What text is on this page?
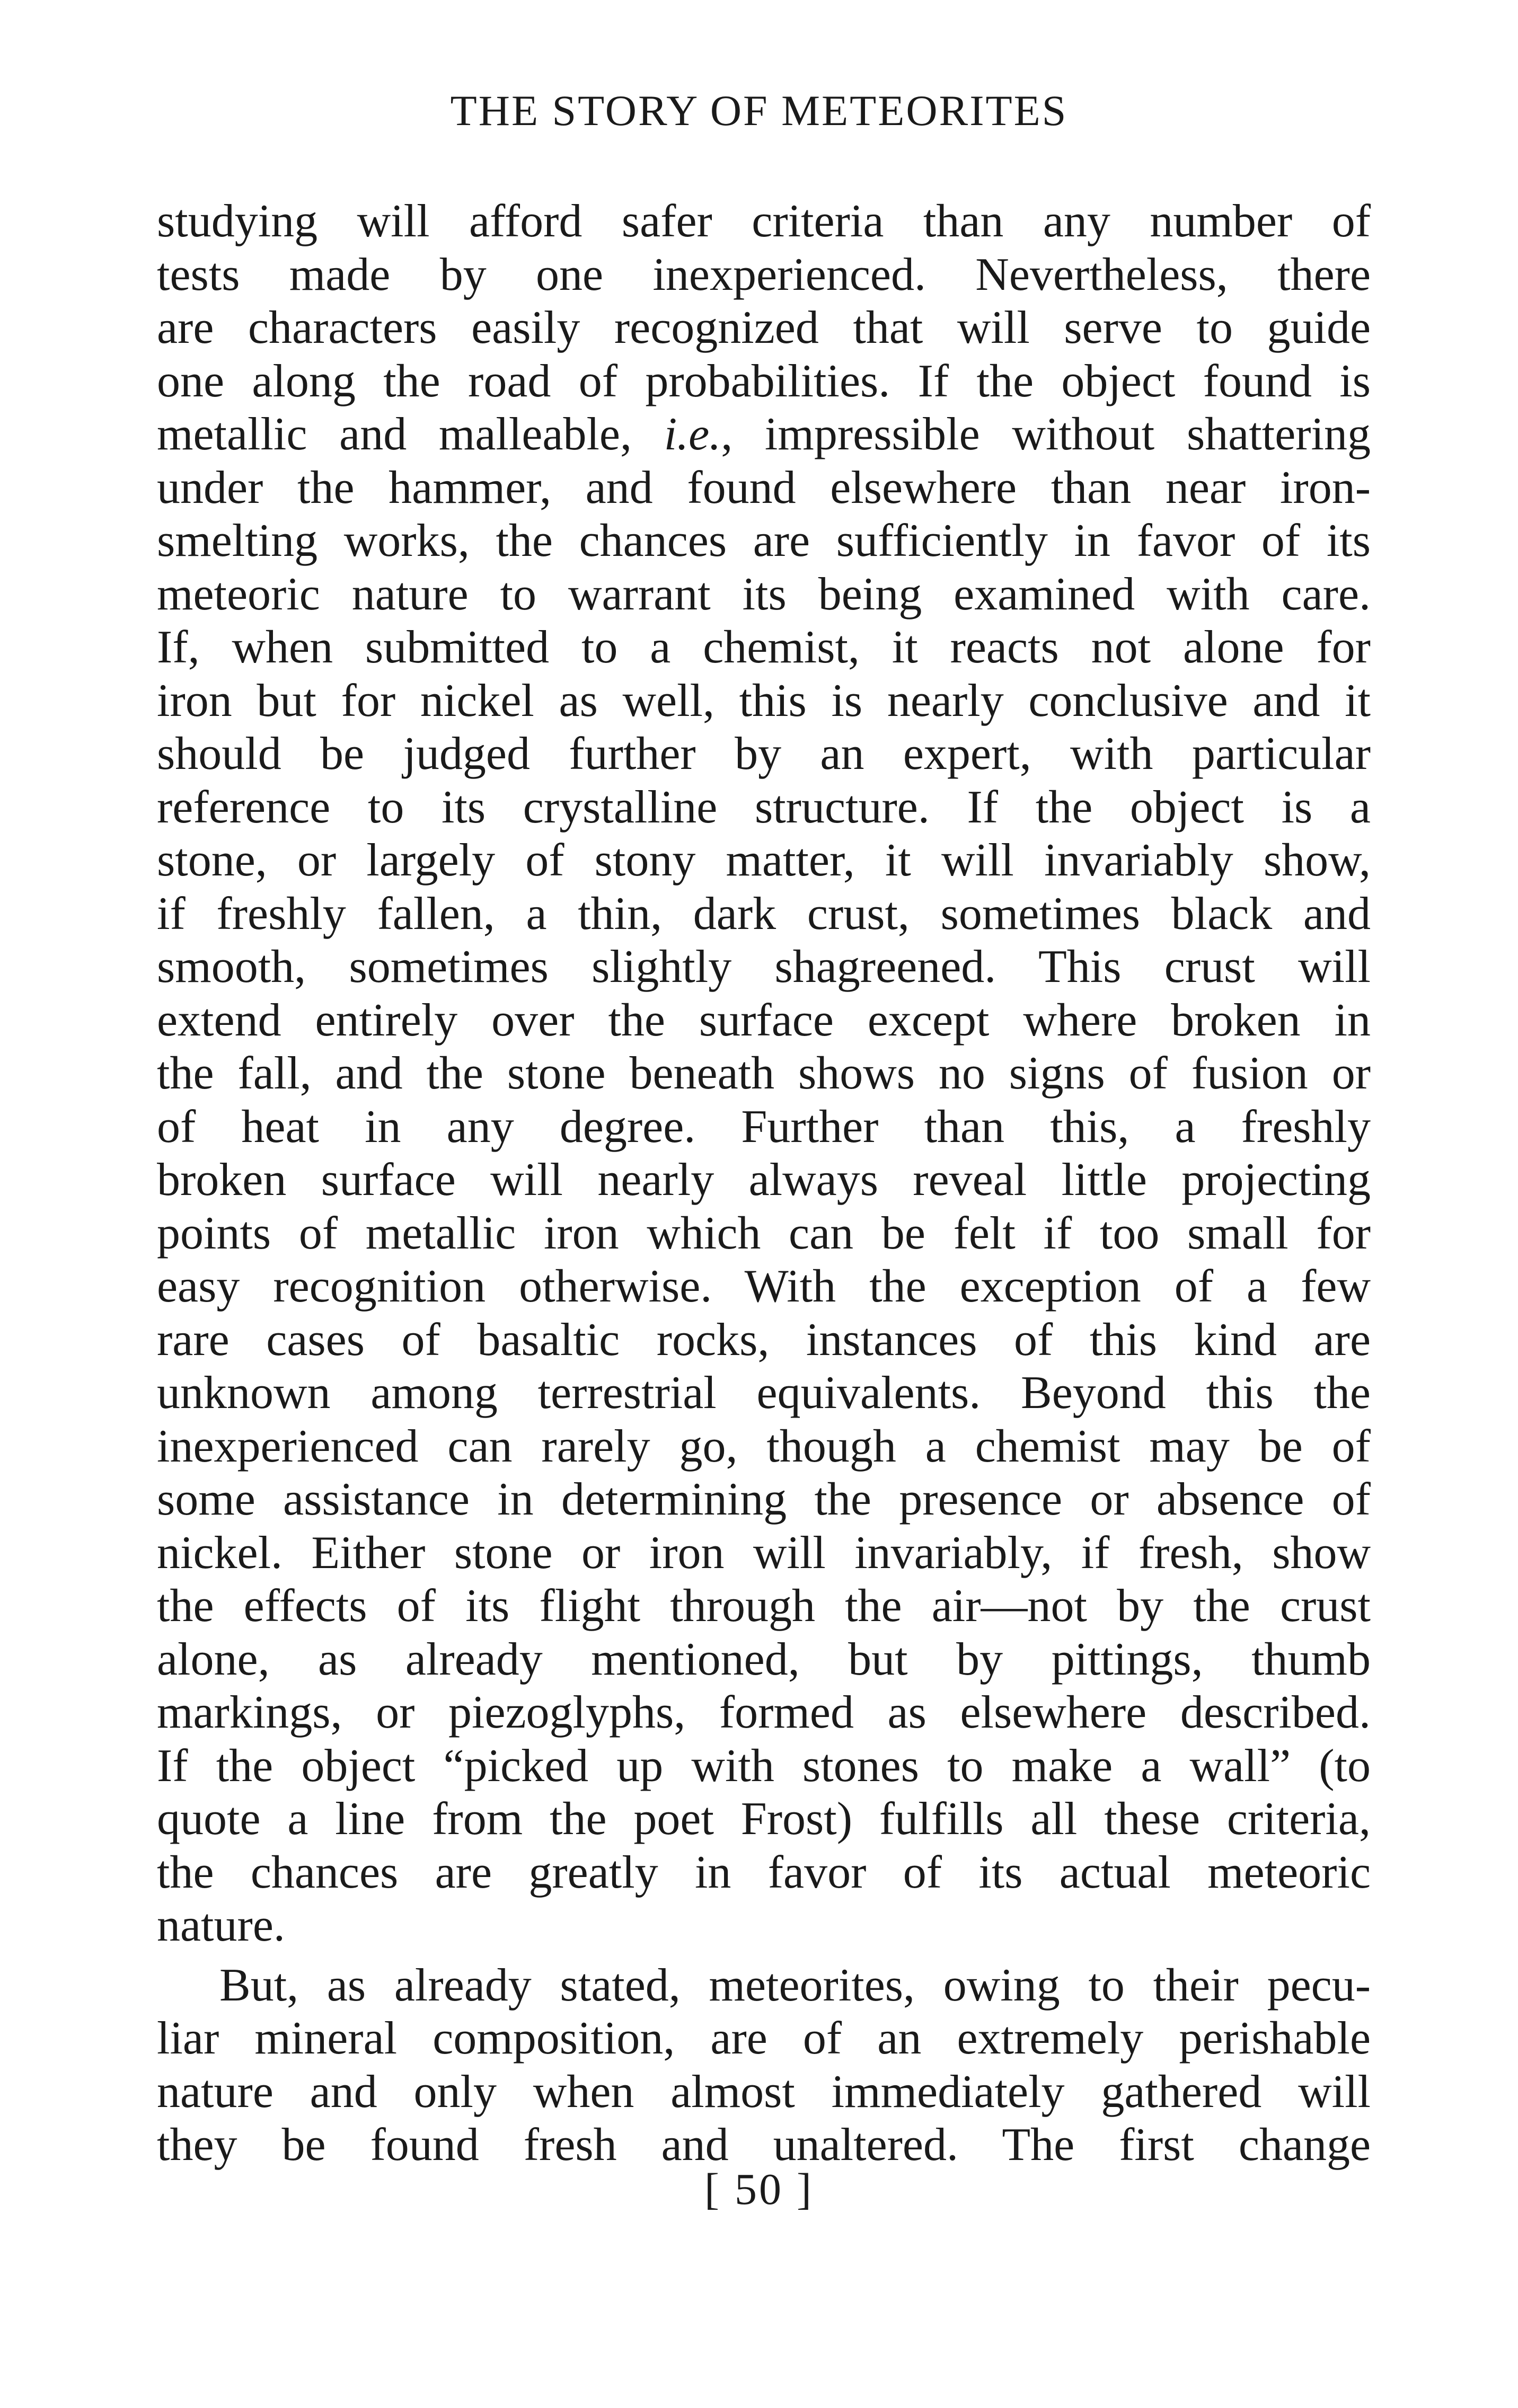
THE STORY OF METEORITES
studying will afford safer criteria than any number of
tests made by one inexperienced. Nevertheless, there
are characters easily recognized that will serve to guide
one along the road of probabilities. If the object found is
metallic and malleable, i.e., impressible without shattering
under the hammer, and found elsewhere than near iron-
smelting works, the chances are sufficiently in favor of its
meteoric nature to warrant its being examined with care.
If, when submitted to a chemist, it reacts not alone for
iron but for nickel as well, this is nearly conclusive and it
should be judged further by an expert, with particular
reference to its crystalline structure. If the object is a
stone, or largely of stony matter, it will invariably show,
if freshly fallen, a thin, dark crust, sometimes black and
smooth, sometimes slightly shagreened. This crust will
extend entirely over the surface except where broken in
the fall, and the stone beneath shows no signs of fusion or
of heat in any degree. Further than this, a freshly
broken surface will nearly always reveal little projecting
points of metallic iron which can be felt if too small for
easy recognition otherwise. With the exception of a few
rare cases of basaltic rocks, instances of this kind are
unknown among terrestrial equivalents. Beyond this the
inexperienced can rarely go, though a chemist may be of
some assistance in determining the presence or absence of
nickel. Either stone or iron will invariably, if fresh, show
the effects of its flight through the air—not by the crust
alone, as already mentioned, but by pittings, thumb
markings, or piezoglyphs, formed as elsewhere described.
If the object “picked up with stones to make a wall” (to
quote a line from the poet Frost) fulfills all these criteria,
the chances are greatly in favor of its actual meteoric
nature.
But, as already stated, meteorites, owing to their pecu-
liar mineral composition, are of an extremely perishable
nature and only when almost immediately gathered will
they be found fresh and unaltered. The first change
[ 50 ]
